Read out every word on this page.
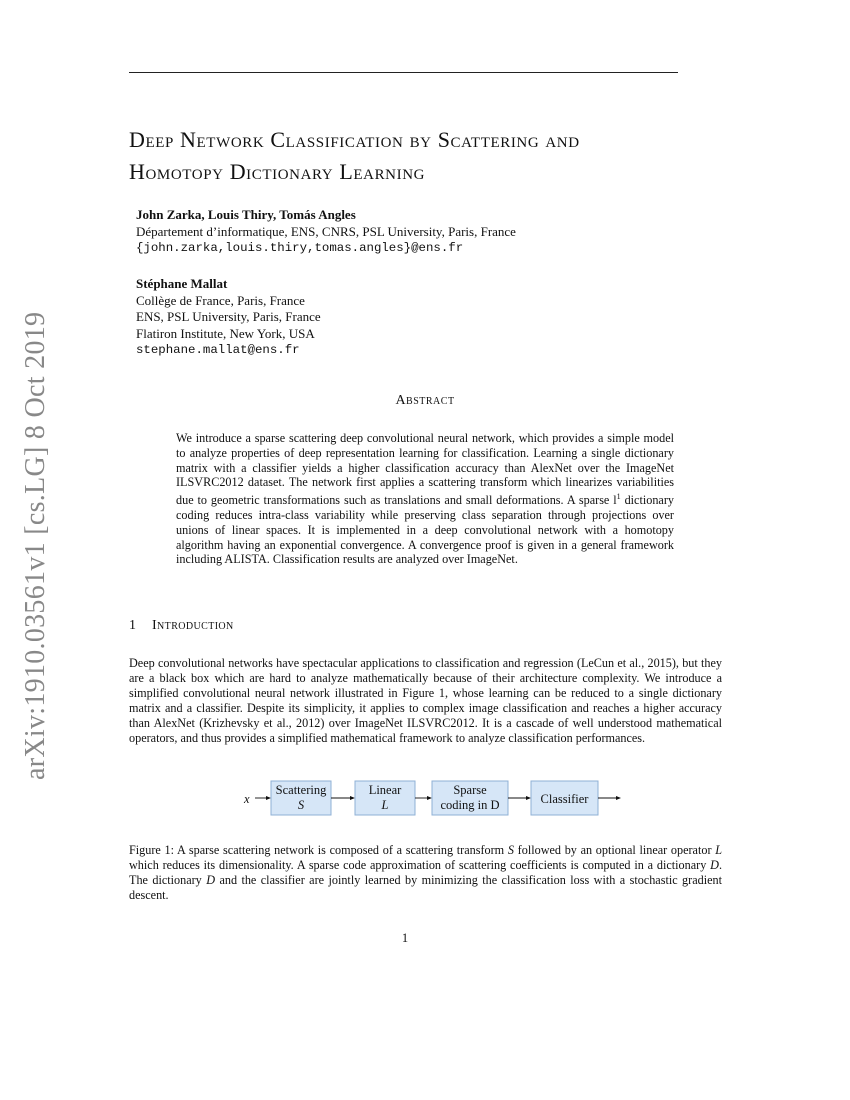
arXiv:1910.03561v1 [cs.LG] 8 Oct 2019
Deep Network Classification by Scattering and
Homotopy Dictionary Learning
John Zarka, Louis Thiry, Tomás Angles
Département d’informatique, ENS, CNRS, PSL University, Paris, France
{john.zarka,louis.thiry,tomas.angles}@ens.fr
Stéphane Mallat
Collège de France, Paris, France
ENS, PSL University, Paris, France
Flatiron Institute, New York, USA
stephane.mallat@ens.fr
Abstract
We introduce a sparse scattering deep convolutional neural network, which provides a simple model to analyze properties of deep representation learning for classification. Learning a single dictionary matrix with a classifier yields a higher classification accuracy than AlexNet over the ImageNet ILSVRC2012 dataset. The network first applies a scattering transform which linearizes variabilities due to geometric transformations such as translations and small deformations. A sparse $l^1$ dictionary coding reduces intra-class variability while preserving class separation through projections over unions of linear spaces. It is implemented in a deep convolutional network with a homotopy algorithm having an exponential convergence. A convergence proof is given in a general framework including ALISTA. Classification results are analyzed over ImageNet.
1 Introduction
Deep convolutional networks have spectacular applications to classification and regression (LeCun et al., 2015), but they are a black box which are hard to analyze mathematically because of their architecture complexity. We introduce a simplified convolutional neural network illustrated in Figure 1, whose learning can be reduced to a single dictionary matrix and a classifier. Despite its simplicity, it applies to complex image classification and reaches a higher accuracy than AlexNet (Krizhevsky et al., 2012) over ImageNet ILSVRC2012. It is a cascade of well understood mathematical operators, and thus provides a simplified mathematical framework to analyze classification performances.
x
Scattering
S
Linear
L
Sparse
coding in D	Classifier
Figure 1: A sparse scattering network is composed of a scattering transform S followed by an optional linear operator L which reduces its dimensionality. A sparse code approximation of scattering coefficients is computed in a dictionary D. The dictionary D and the classifier are jointly learned by minimizing the classification loss with a stochastic gradient descent.
1
